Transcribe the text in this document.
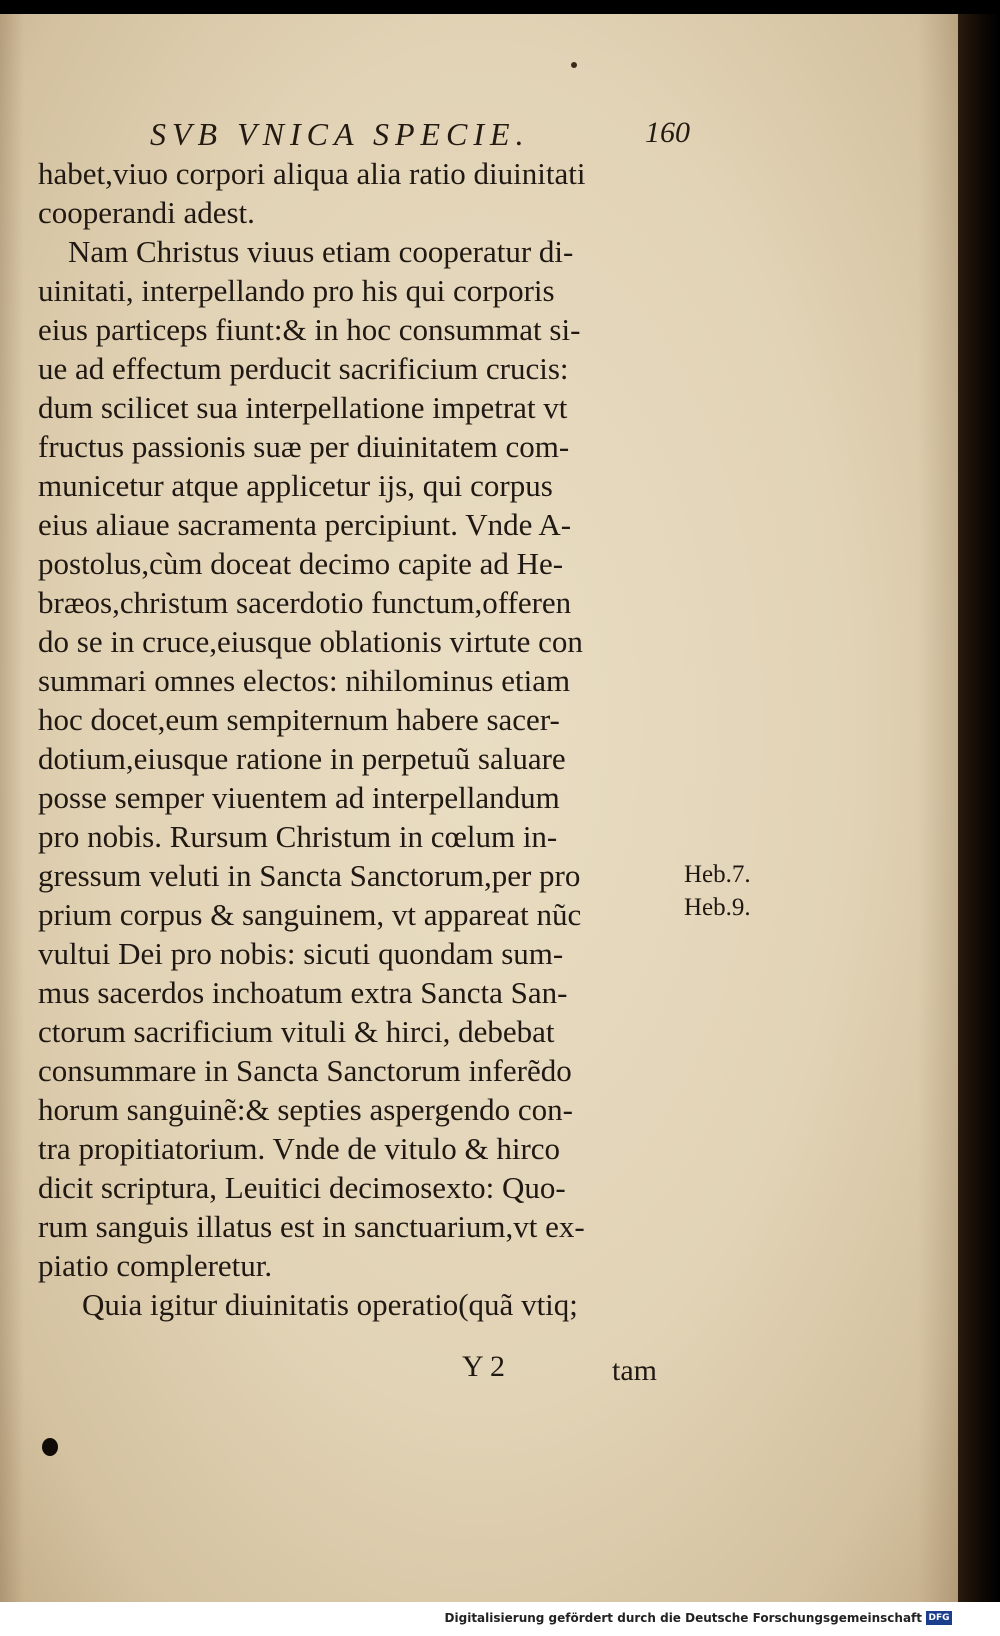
SVB VNICA SPECIE.	160
habet,viuo corpori aliqua alia ratio diuinitati
cooperandi adest.
Nam Christus viuus etiam cooperatur di-
uinitati, interpellando pro his qui corporis
eius particeps fiunt:& in hoc consummat si-
ue ad effectum perducit sacrificium crucis:
dum scilicet sua interpellatione impetrat vt
fructus passionis suæ per diuinitatem com-
municetur atque applicetur ijs, qui corpus
eius aliaue sacramenta percipiunt. Vnde A-
postolus,cùm doceat decimo capite ad He-
bræos,christum sacerdotio functum,offeren
do se in cruce,eiusque oblationis virtute con
summari omnes electos: nihilominus etiam
hoc docet,eum sempiternum habere sacer-
dotium,eiusque ratione in perpetuũ saluare
posse semper viuentem ad interpellandum
pro nobis. Rursum Christum in cœlum in-
gressum veluti in Sancta Sanctorum,per pro
prium corpus & sanguinem, vt appareat nũc
vultui Dei pro nobis: sicuti quondam sum-
mus sacerdos inchoatum extra Sancta San-
ctorum sacrificium vituli & hirci, debebat
consummare in Sancta Sanctorum inferẽdo
horum sanguinẽ:& septies aspergendo con-
tra propitiatorium. Vnde de vitulo & hirco
dicit scriptura, Leuitici decimosexto: Quo-
rum sanguis illatus est in sanctuarium,vt ex-
piatio compleretur.
Quia igitur diuinitatis operatio(quã vtiq;
Heb.7.
Heb.9.
Y 2	tam
Digitalisierung gefördert durch die Deutsche Forschungsgemeinschaft DFG
